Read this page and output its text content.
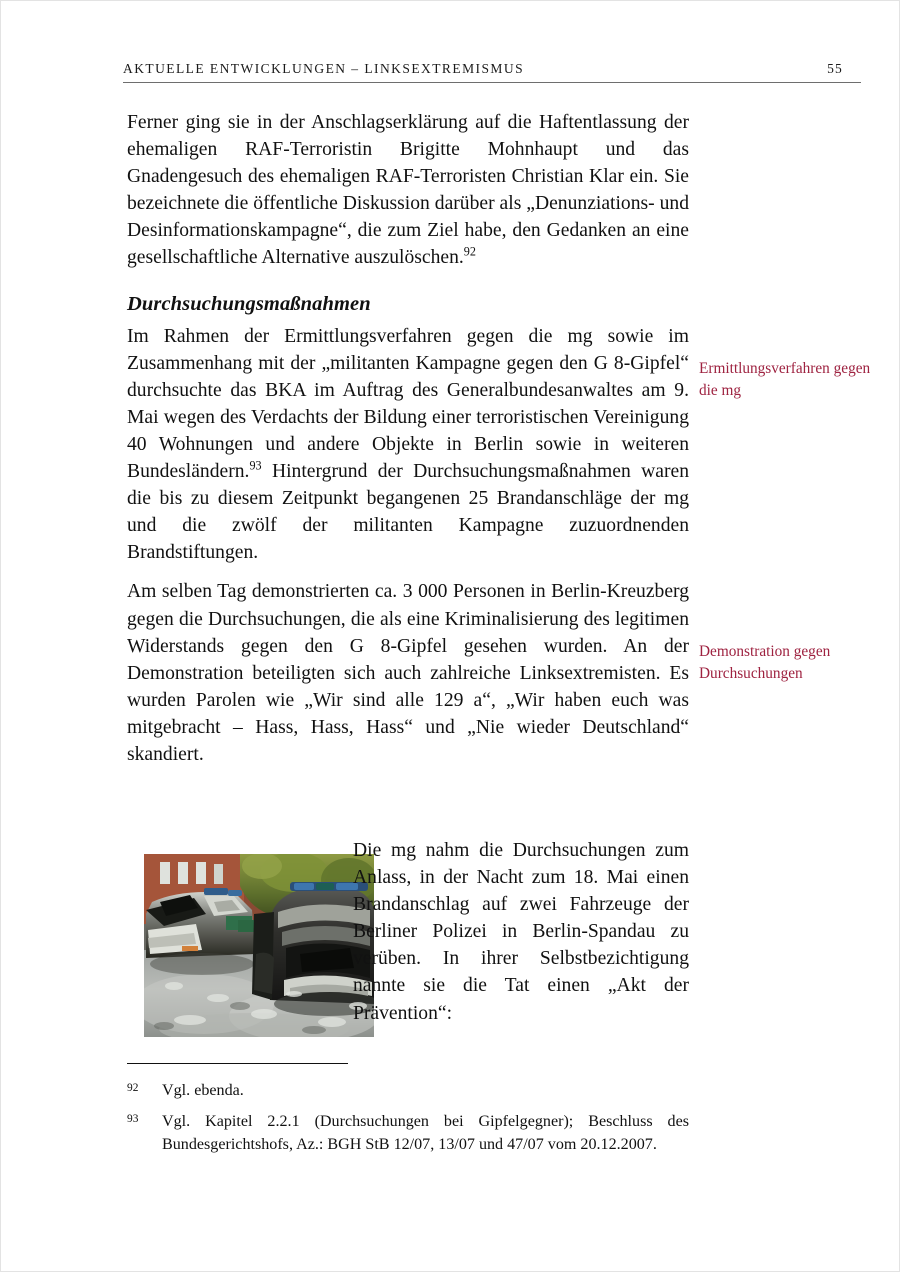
AKTUELLE ENTWICKLUNGEN – LINKSEXTREMISMUS	55

Ferner ging sie in der Anschlagserklärung auf die Haftentlassung der ehemaligen RAF-Terroristin Brigitte Mohnhaupt und das Gnadengesuch des ehemaligen RAF-Terroristen Christian Klar ein. Sie bezeichnete die öffentliche Diskussion darüber als „Denunziations- und Desinformationskampagne“, die zum Ziel habe, den Gedanken an eine gesellschaftliche Alternative auszulöschen.$^{92}$

Durchsuchungsmaßnahmen

Im Rahmen der Ermittlungsverfahren gegen die mg sowie im Zusammenhang mit der „militanten Kampagne gegen den G 8-Gipfel“ durchsuchte das BKA im Auftrag des Generalbundesanwaltes am 9. Mai wegen des Verdachts der Bildung einer terroristischen Vereinigung 40 Wohnungen und andere Objekte in Berlin sowie in weiteren Bundesländern.$^{93}$ Hintergrund der Durchsuchungsmaßnahmen waren die bis zu diesem Zeitpunkt begangenen 25 Brandanschläge der mg und die zwölf der militanten Kampagne zuzuordnenden Brandstiftungen.

Am selben Tag demonstrierten ca. 3 000 Personen in Berlin-Kreuzberg gegen die Durchsuchungen, die als eine Kriminalisierung des legitimen Widerstands gegen den G 8-Gipfel gesehen wurden. An der Demonstration beteiligten sich auch zahlreiche Linksextremisten. Es wurden Parolen wie „Wir sind alle 129 a“, „Wir haben euch was mitgebracht – Hass, Hass, Hass“ und „Nie wieder Deutschland“ skandiert.

Ermittlungsverfahren gegen die mg
Demonstration gegen Durchsuchungen

Die mg nahm die Durchsuchungen zum Anlass, in der Nacht zum 18. Mai einen Brandanschlag auf zwei Fahrzeuge der Berliner Polizei in Berlin-Spandau zu verüben. In ihrer Selbstbezichtigung nannte sie die Tat einen „Akt der Prävention“:

92 Vgl. ebenda.
93 Vgl. Kapitel 2.2.1 (Durchsuchungen bei Gipfelgegner); Beschluss des Bundesgerichtshofs, Az.: BGH StB 12/07, 13/07 und 47/07 vom 20.12.2007.
